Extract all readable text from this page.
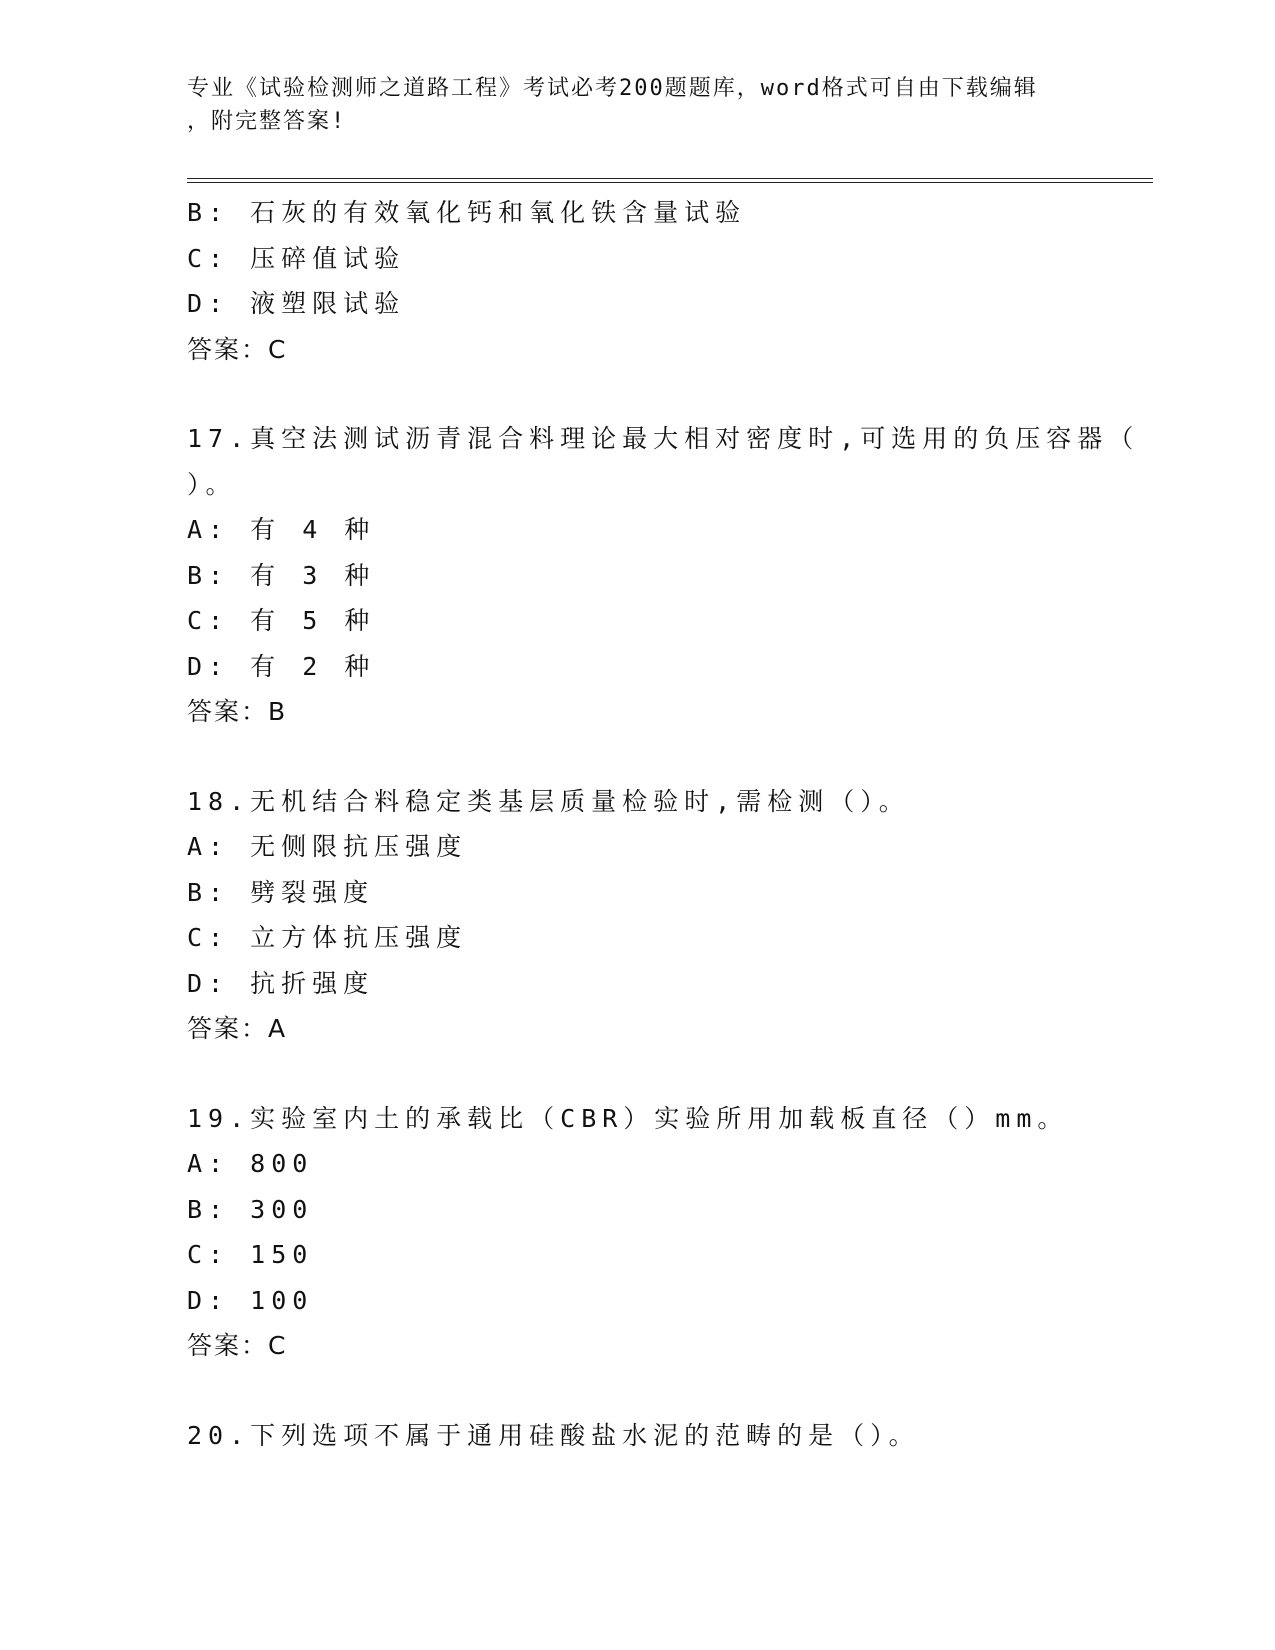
专业《试验检测师之道路工程》考试必考200题题库，word格式可自由下载编辑
，附完整答案!
B: 石灰的有效氧化钙和氧化铁含量试验
C: 压碎值试验
D: 液塑限试验
答案：C
17.真空法测试沥青混合料理论最大相对密度时,可选用的负压容器（
）。
A: 有 4 种
B: 有 3 种
C: 有 5 种
D: 有 2 种
答案：B
18.无机结合料稳定类基层质量检验时,需检测（）。
A: 无侧限抗压强度
B: 劈裂强度
C: 立方体抗压强度
D: 抗折强度
答案：A
19.实验室内土的承载比（CBR）实验所用加载板直径（）mm。
A: 800
B: 300
C: 150
D: 100
答案：C
20.下列选项不属于通用硅酸盐水泥的范畴的是（）。
